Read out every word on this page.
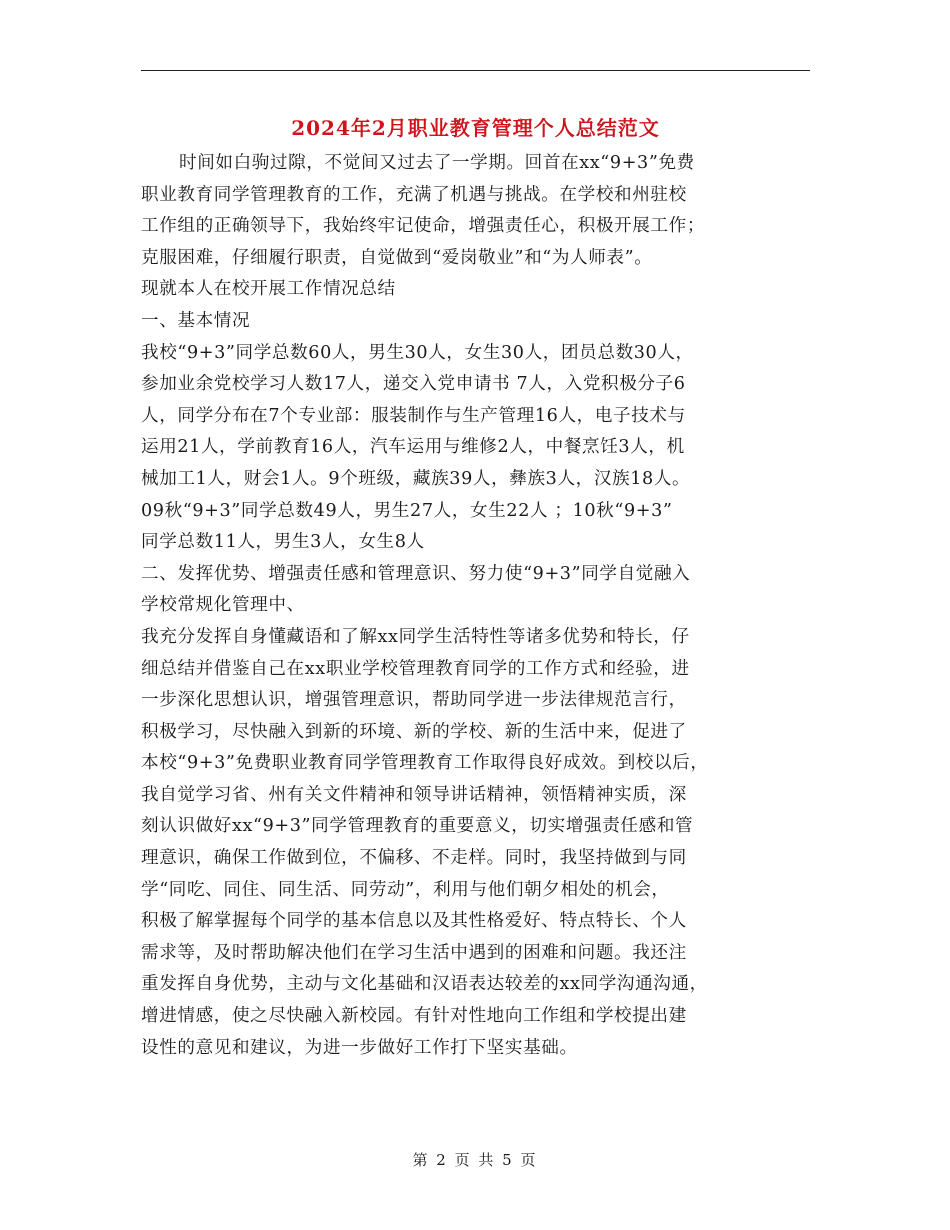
2024年2月职业教育管理个人总结范文
时间如白驹过隙，不觉间又过去了一学期。回首在xx“9+3”免费
职业教育同学管理教育的工作，充满了机遇与挑战。在学校和州驻校
工作组的正确领导下，我始终牢记使命，增强责任心，积极开展工作；
克服困难，仔细履行职责，自觉做到“爱岗敬业”和“为人师表”。
现就本人在校开展工作情况总结
一、基本情况
我校“9+3”同学总数60人，男生30人，女生30人，团员总数30人，
参加业余党校学习人数17人，递交入党申请书 7人，入党积极分子6
人，同学分布在7个专业部：服装制作与生产管理16人，电子技术与
运用21人，学前教育16人，汽车运用与维修2人，中餐烹饪3人，机
械加工1人，财会1人。9个班级，藏族39人，彝族3人，汉族18人。
09秋“9+3”同学总数49人，男生27人，女生22人 ；10秋“9+3”
同学总数11人，男生3人，女生8人
二、发挥优势、增强责任感和管理意识、努力使“9+3”同学自觉融入
学校常规化管理中、
我充分发挥自身懂藏语和了解xx同学生活特性等诸多优势和特长，仔
细总结并借鉴自己在xx职业学校管理教育同学的工作方式和经验，进
一步深化思想认识，增强管理意识，帮助同学进一步法律规范言行，
积极学习，尽快融入到新的环境、新的学校、新的生活中来，促进了
本校“9+3”免费职业教育同学管理教育工作取得良好成效。到校以后，
我自觉学习省、州有关文件精神和领导讲话精神，领悟精神实质，深
刻认识做好xx“9+3”同学管理教育的重要意义，切实增强责任感和管
理意识，确保工作做到位，不偏移、不走样。同时，我坚持做到与同
学“同吃、同住、同生活、同劳动”，利用与他们朝夕相处的机会，
积极了解掌握每个同学的基本信息以及其性格爱好、特点特长、个人
需求等，及时帮助解决他们在学习生活中遇到的困难和问题。我还注
重发挥自身优势，主动与文化基础和汉语表达较差的xx同学沟通沟通，
增进情感，使之尽快融入新校园。有针对性地向工作组和学校提出建
设性的意见和建议，为进一步做好工作打下坚实基础。
第 2 页 共 5 页
